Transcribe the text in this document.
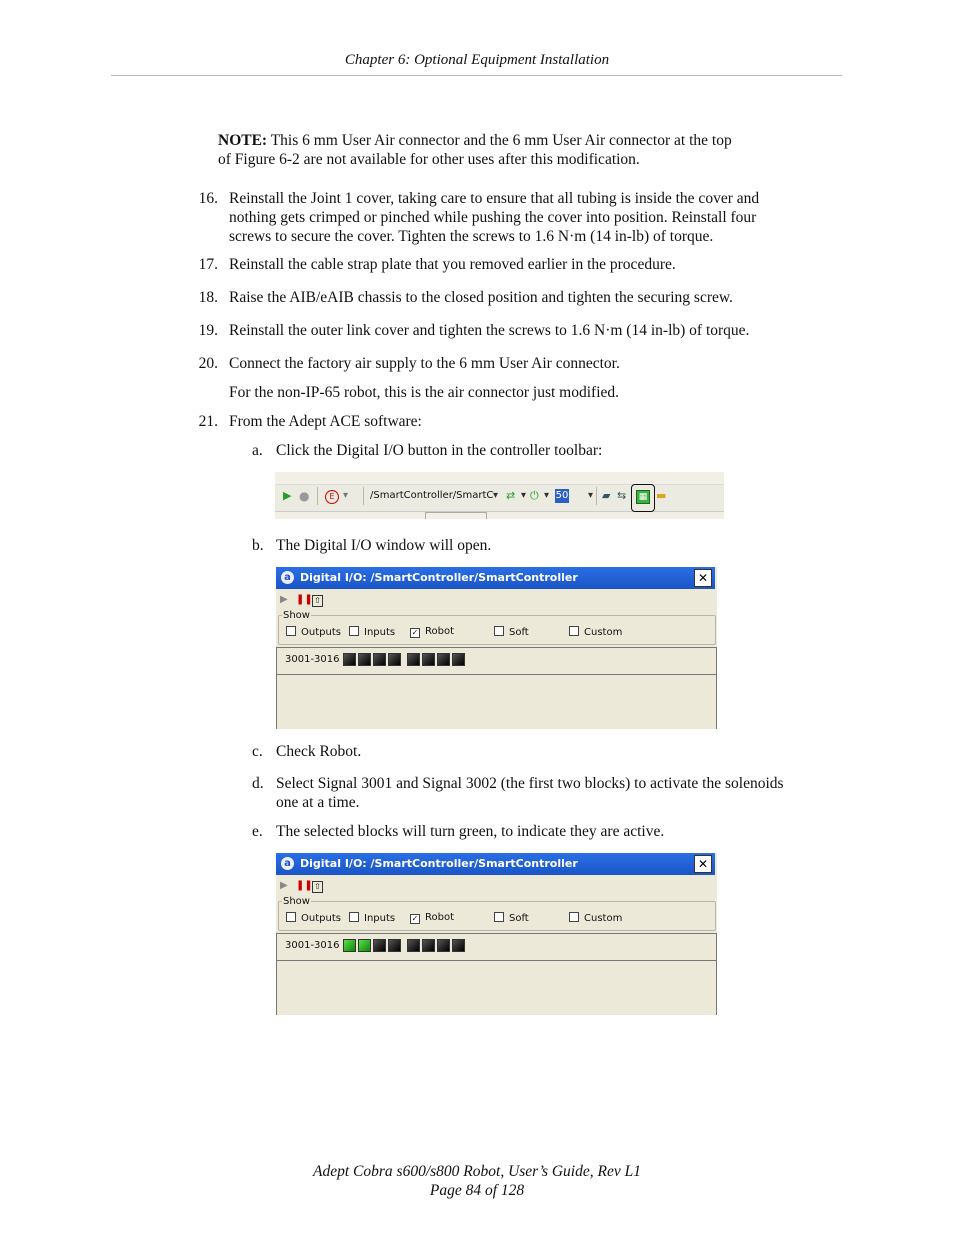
Chapter 6: Optional Equipment Installation
NOTE: This 6 mm User Air connector and the 6 mm User Air connector at the top
of Figure 6-2 are not available for other uses after this modification.
16. Reinstall the Joint 1 cover, taking care to ensure that all tubing is inside the cover and
nothing gets crimped or pinched while pushing the cover into position. Reinstall four
screws to secure the cover. Tighten the screws to 1.6 N·m (14 in-lb) of torque.
17. Reinstall the cable strap plate that you removed earlier in the procedure.
18. Raise the AIB/eAIB chassis to the closed position and tighten the securing screw.
19. Reinstall the outer link cover and tighten the screws to 1.6 N·m (14 in-lb) of torque.
20. Connect the factory air supply to the 6 mm User Air connector.
For the non-IP-65 robot, this is the air connector just modified.
21. From the Adept ACE software:
a. Click the Digital I/O button in the controller toolbar:
▶ ●	E ▾ /SmartController/SmartC ▾ ⇄ ▾ ⏻ ▾ 50 ▾ ▰ ⇆	▦ ▬
b. The Digital I/O window will open.
a Digital I/O: /SmartController/SmartController	✕
▶ ❚❚ ⇧
Show
Outputs	Inputs ✓ Robot	Soft	Custom
3001-3016
c. Check Robot.
d. Select Signal 3001 and Signal 3002 (the first two blocks) to activate the solenoids
one at a time.
e. The selected blocks will turn green, to indicate they are active.
a Digital I/O: /SmartController/SmartController	✕
▶ ❚❚ ⇧
Show
Outputs	Inputs ✓ Robot	Soft	Custom
3001-3016
Adept Cobra s600/s800 Robot, User’s Guide, Rev L1
Page 84 of 128
